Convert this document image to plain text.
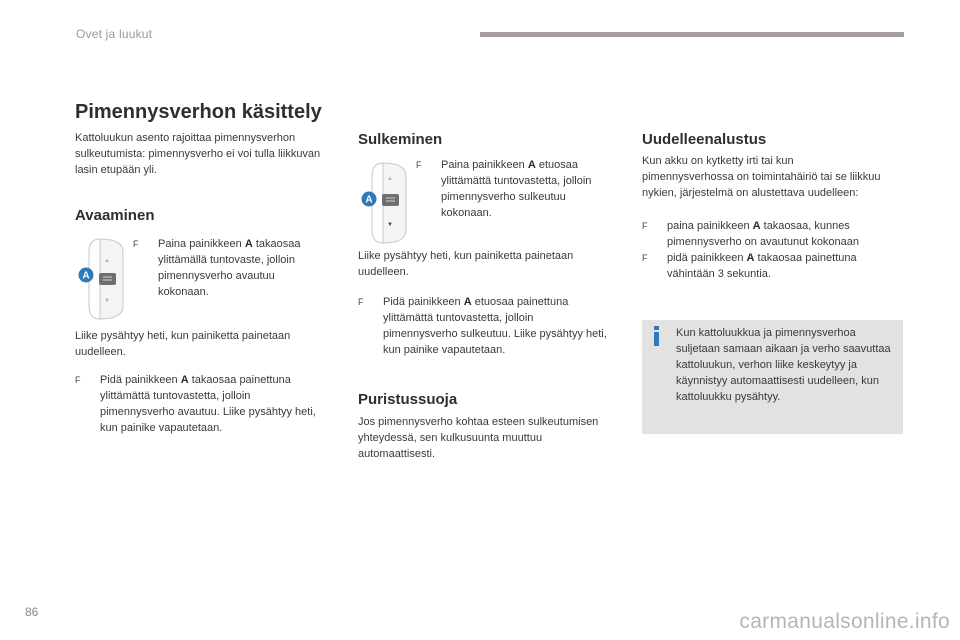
Ovet ja luukut
Pimennysverhon käsittely

Kattoluukun asento rajoittaa pimennysverhon sulkeutumista: pimennysverho ei voi tulla liikkuvan lasin etupään yli.

Avaaminen
▲
▼
A
F	Paina painikkeen A takaosaa ylittämällä tuntovaste, jolloin pimennysverho avautuu kokonaan.

Liike pysähtyy heti, kun painiketta painetaan uudelleen.

F	Pidä painikkeen A takaosaa painettuna ylittämättä tuntovastetta, jolloin pimennysverho avautuu. Liike pysähtyy heti, kun painike vapautetaan.
Sulkeminen
▲
▼
A
F	Paina painikkeen A etuosaa ylittämättä tuntovastetta, jolloin pimennysverho sulkeutuu kokonaan.

Liike pysähtyy heti, kun painiketta painetaan uudelleen.

F	Pidä painikkeen A etuosaa painettuna ylittämättä tuntovastetta, jolloin pimennysverho sulkeutuu. Liike pysähtyy heti, kun painike vapautetaan.
Puristussuoja

Jos pimennysverho kohtaa esteen sulkeutumisen yhteydessä, sen kulkusuunta muuttuu automaattisesti.

Uudelleenalustus

Kun akku on kytketty irti tai kun pimennysverhossa on toimintahäiriö tai se liikkuu nykien, järjestelmä on alustettava uudelleen:

F	paina painikkeen A takaosaa, kunnes pimennysverho on avautunut kokonaan
F	pidä painikkeen A takaosaa painettuna vähintään 3 sekuntia.

Kun kattoluukkua ja pimennysverhoa suljetaan samaan aikaan ja verho saavuttaa kattoluukun, verhon liike keskeytyy ja käynnistyy automaattisesti uudelleen, kun kattoluukku pysähtyy.

86	carmanualsonline.info
